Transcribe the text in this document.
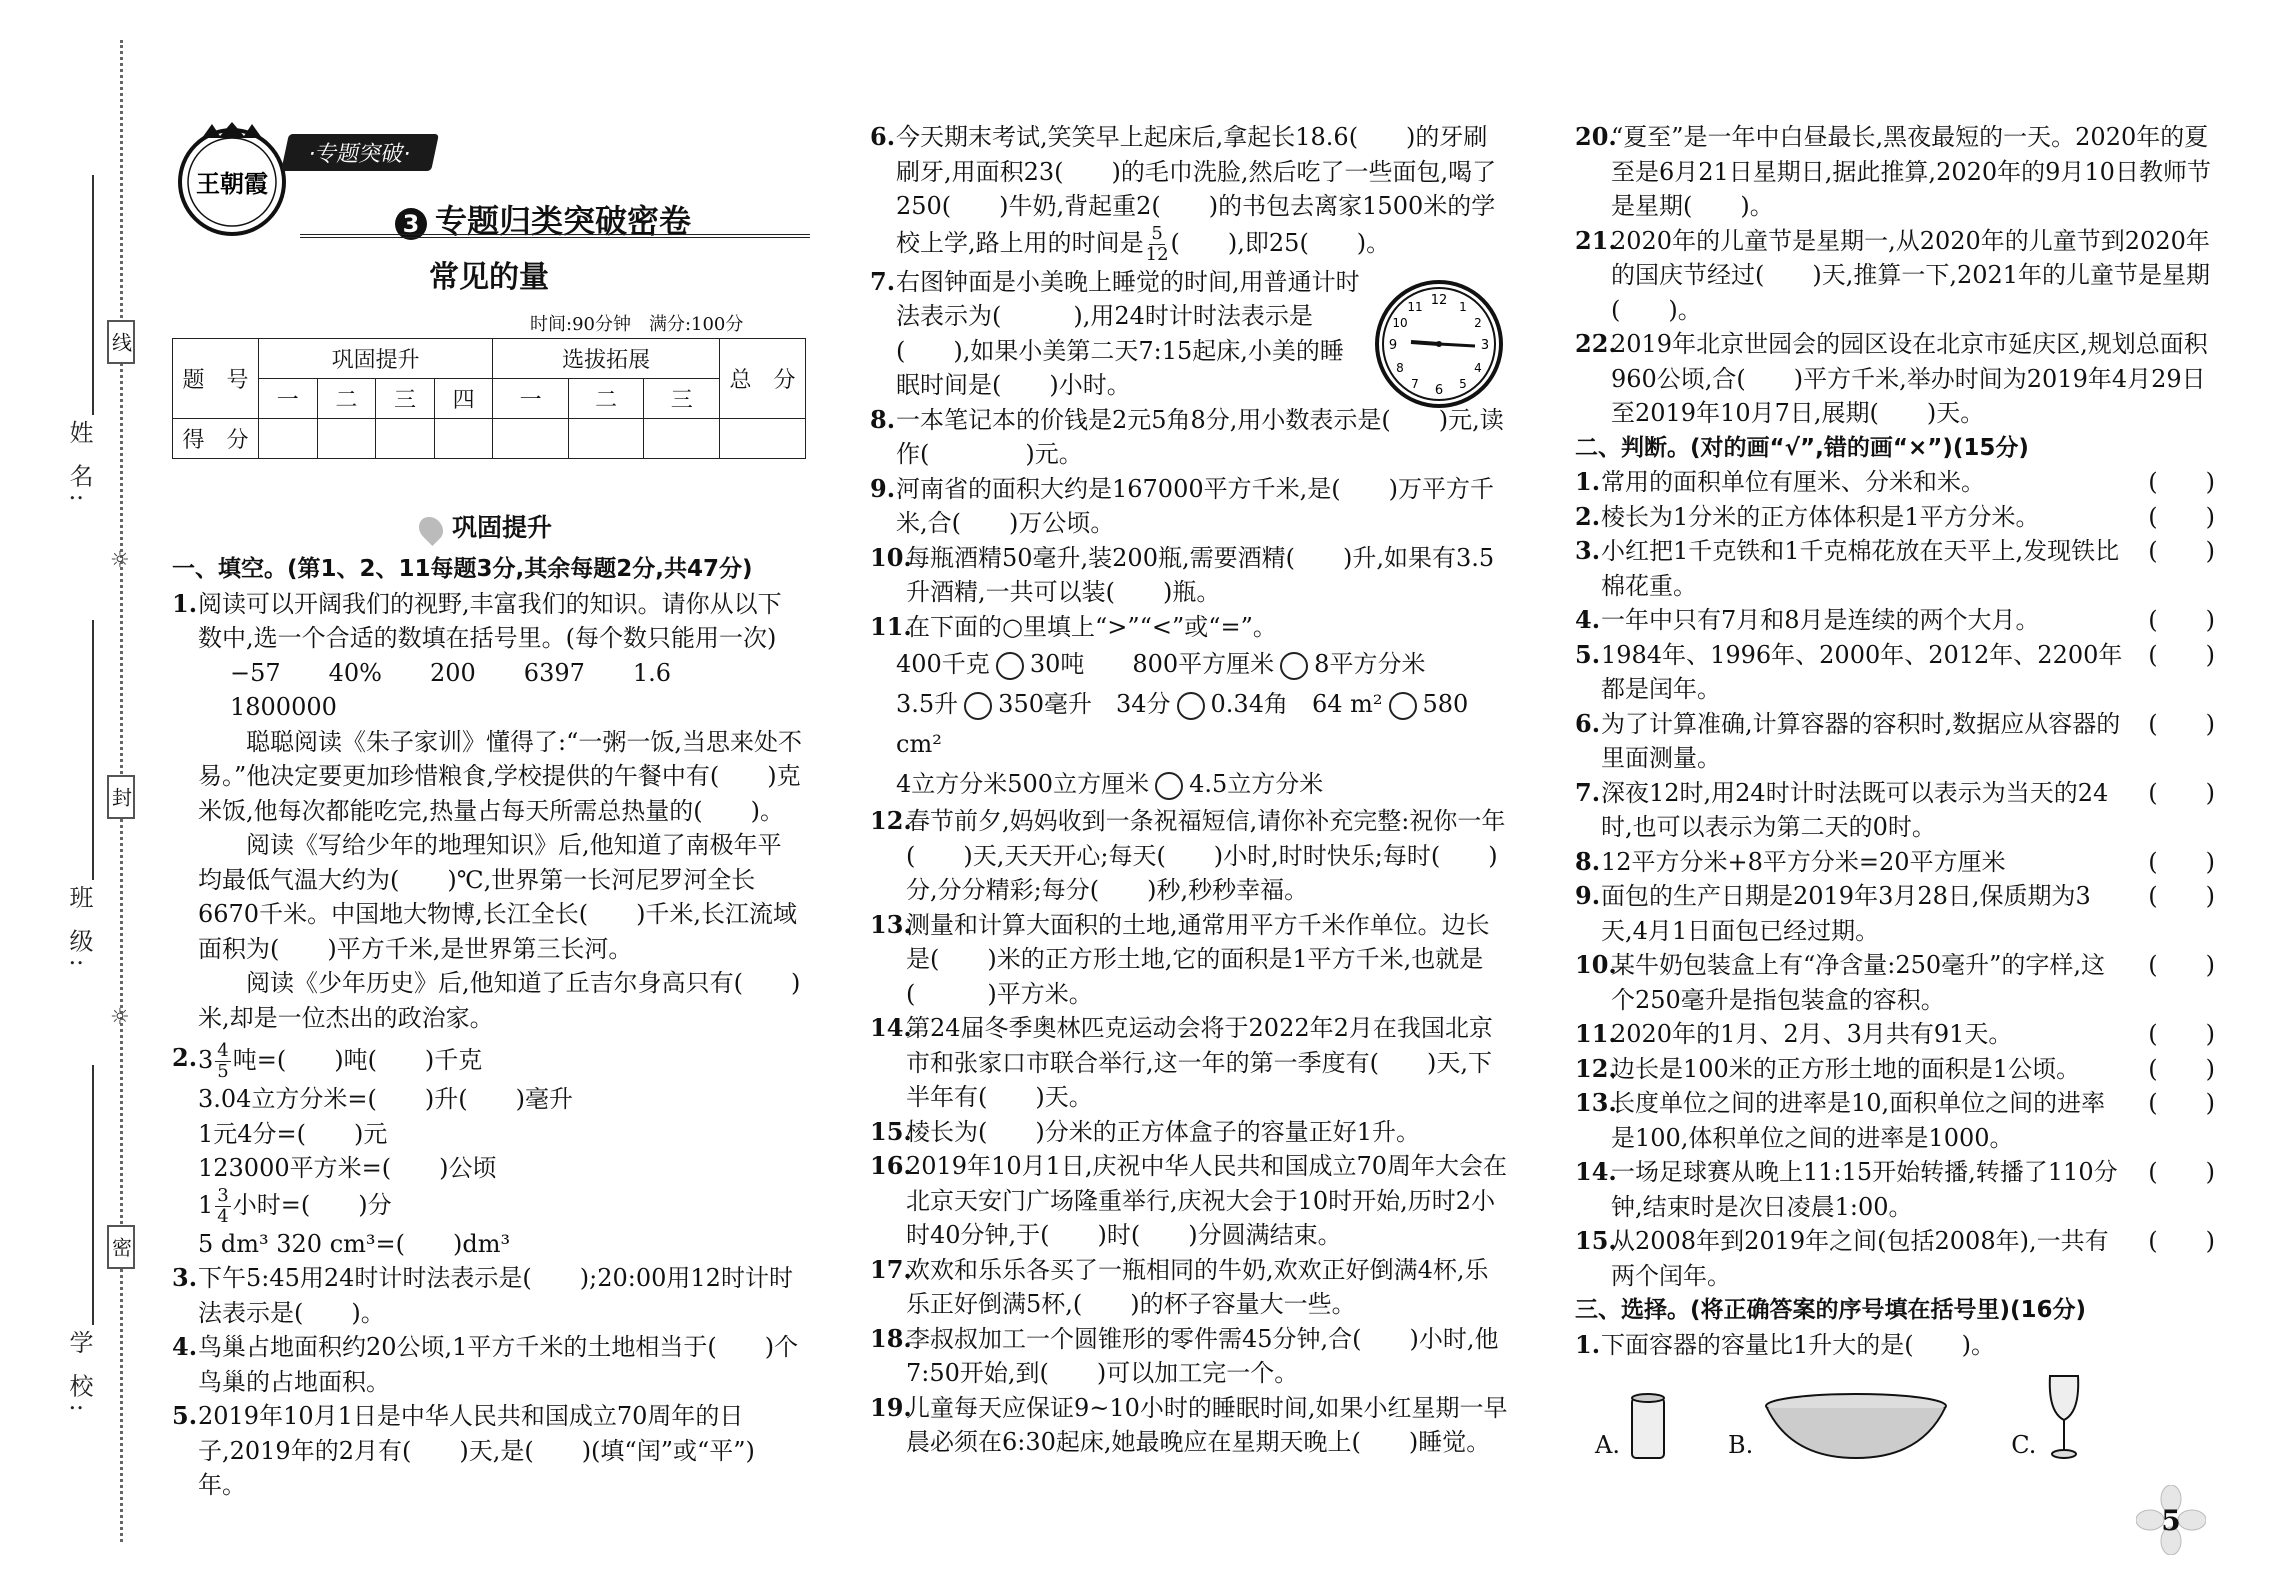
姓 名:
班 级:
学 校:
线
封
密
☼
☼
王朝霞
·专题突破·
3 专题归类突破密卷
常见的量
时间:90分钟　满分:100分
题　号	巩固提升				选拔拓展			总　分
	一	二	三	四	一	二	三	
得　分								
巩固提升
一、填空。(第1、2、11每题3分,其余每题2分,共47分)
1. 阅读可以开阔我们的视野,丰富我们的知识。请你从以下数中,选一个合适的数填在括号里。(每个数只能用一次)
−57　　40%　　200　　6397　　1.6　　1800000
聪聪阅读《朱子家训》懂得了:“一粥一饭,当思来处不易。”他决定要更加珍惜粮食,学校提供的午餐中有(　　)克米饭,他每次都能吃完,热量占每天所需总热量的(　　)。
阅读《写给少年的地理知识》后,他知道了南极年平均最低气温大约为(　　)℃,世界第一长河尼罗河全长6670千米。中国地大物博,长江全长(　　)千米,长江流域面积为(　　)平方千米,是世界第三长河。
阅读《少年历史》后,他知道了丘吉尔身高只有(　　)米,却是一位杰出的政治家。
2. $3 \frac{4}{5}$ 吨=(　　)吨(　　)千克
3.04立方分米=(　　)升(　　)毫升
1元4分=(　　)元
123000平方米=(　　)公顷
$1 \frac{3}{4}$ 小时=(　　)分
5 dm³ 320 cm³=(　　)dm³
3. 下午5:45用24时计时法表示是(　　);20:00用12时计时法表示是(　　)。
4. 鸟巢占地面积约20公顷,1平方千米的土地相当于(　　)个鸟巢的占地面积。
5. 2019年10月1日是中华人民共和国成立70周年的日子,2019年的2月有(　　)天,是(　　)(填“闰”或“平”)年。
6. 今天期末考试,笑笑早上起床后,拿起长18.6(　　)的牙刷刷牙,用面积23(　　)的毛巾洗脸,然后吃了一些面包,喝了250(　　)牛奶,背起重2(　　)的书包去离家1500米的学校上学,路上用的时间是 $\frac{5}{12}$ (　　),即25(　　)。
7. 右图钟面是小美晚上睡觉的时间,用普通计时法表示为(　　　),用24时计时法表示是(　　),如果小美第二天7:15起床,小美的睡眠时间是(　　)小时。
8. 一本笔记本的价钱是2元5角8分,用小数表示是(　　)元,读作(　　　　)元。
9. 河南省的面积大约是167000平方千米,是(　　)万平方千米,合(　　)万公顷。
10.
每瓶酒精50毫升,装200瓶,需要酒精(　　)升,如果有3.5升酒精,一共可以装(　　)瓶。
11.
在下面的○里填上“>”“<”或“=”。
400千克 30吨　　800平方厘米 8平方分米
3.5升 350毫升　34分 0.34角　64 m² 580 cm²
4立方分米500立方厘米 4.5立方分米
12.
春节前夕,妈妈收到一条祝福短信,请你补充完整:祝你一年(　　)天,天天开心;每天(　　)小时,时时快乐;每时(　　)分,分分精彩;每分(　　)秒,秒秒幸福。
13.
测量和计算大面积的土地,通常用平方千米作单位。边长是(　　)米的正方形土地,它的面积是1平方千米,也就是(　　　)平方米。
14.
第24届冬季奥林匹克运动会将于2022年2月在我国北京市和张家口市联合举行,这一年的第一季度有(　　)天,下半年有(　　)天。
15.
棱长为(　　)分米的正方体盒子的容量正好1升。
16.
2019年10月1日,庆祝中华人民共和国成立70周年大会在北京天安门广场隆重举行,庆祝大会于10时开始,历时2小时40分钟,于(　　)时(　　)分圆满结束。
17.
欢欢和乐乐各买了一瓶相同的牛奶,欢欢正好倒满4杯,乐乐正好倒满5杯,(　　)的杯子容量大一些。
18.
李叔叔加工一个圆锥形的零件需45分钟,合(　　)小时,他7:50开始,到(　　)可以加工完一个。
19.
儿童每天应保证9~10小时的睡眠时间,如果小红星期一早晨必须在6:30起床,她最晚应在星期天晚上(　　)睡觉。
12
3
6
9
1
2
4
5
7
8
10
11
20.
“夏至”是一年中白昼最长,黑夜最短的一天。2020年的夏至是6月21日星期日,据此推算,2020年的9月10日教师节是星期(　　)。
21.
2020年的儿童节是星期一,从2020年的儿童节到2020年的国庆节经过(　　)天,推算一下,2021年的儿童节是星期(　　)。
22.
2019年北京世园会的园区设在北京市延庆区,规划总面积960公顷,合(　　)平方千米,举办时间为2019年4月29日至2019年10月7日,展期(　　)天。
二、判断。(对的画“√”,错的画“×”)(15分)
1. 常用的面积单位有厘米、分米和米。	(　　)
2. 棱长为1分米的正方体体积是1平方分米。	(　　)
3. 小红把1千克铁和1千克棉花放在天平上,发现铁比棉花重。
(　　)
4. 一年中只有7月和8月是连续的两个大月。	(　　)
5. 1984年、1996年、2000年、2012年、2200年都是闰年。
(　　)
6. 为了计算准确,计算容器的容积时,数据应从容器的里面测量。
(　　)
7. 深夜12时,用24时计时法既可以表示为当天的24时,也可以表示为第二天的0时。
(　　)
8. 12平方分米+8平方分米=20平方厘米	(　　)
9. 面包的生产日期是2019年3月28日,保质期为3天,4月1日面包已经过期。
(　　)
10.
某牛奶包装盒上有“净含量:250毫升”的字样,这个250毫升是指包装盒的容积。
(　　)
11.
2020年的1月、2月、3月共有91天。	(　　)
12.
边长是100米的正方形土地的面积是1公顷。	(　　)
13.
长度单位之间的进率是10,面积单位之间的进率是100,体积单位之间的进率是1000。
(　　)
14.
一场足球赛从晚上11:15开始转播,转播了110分钟,结束时是次日凌晨1:00。
(　　)
15.
从2008年到2019年之间(包括2008年),一共有两个闰年。
(　　)
三、选择。(将正确答案的序号填在括号里)(16分)
1. 下面容器的容量比1升大的是(　　)。
A.	B.	C.
5
